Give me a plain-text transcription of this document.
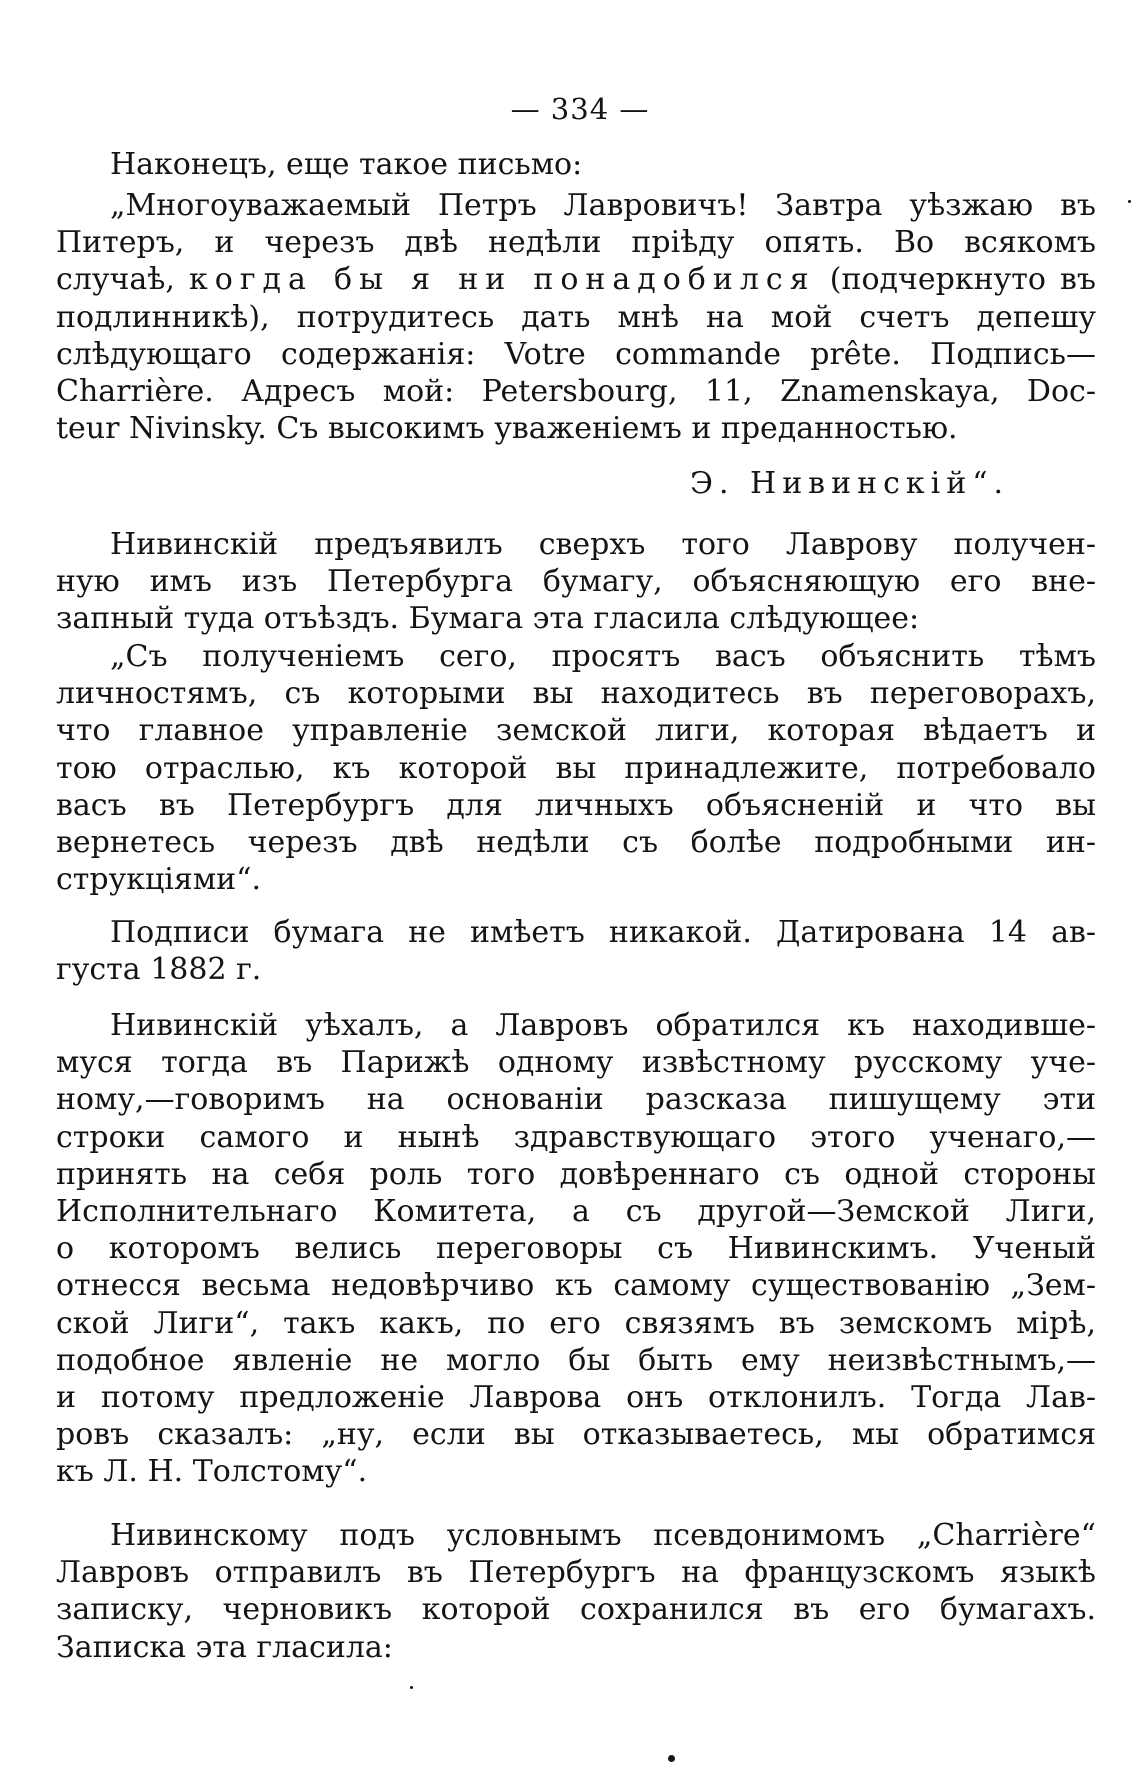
— 334 —
Наконецъ, еще такое письмо:
„Многоуважаемый Петръ Лавровичъ! Завтра уѣзжаю въ
Питеръ, и черезъ двѣ недѣли прiѣду опять. Во всякомъ
случаѣ, когда бы я ни понадобился (подчеркнуто въ
подлинникѣ), потрудитесь дать мнѣ на мой счетъ депешу
слѣдующаго содержанiя: Votre commande prête. Подпись—
Charrière. Адресъ мой: Petersbourg, 11, Znamenskaya, Doc-
teur Nivinsky. Съ высокимъ уваженiемъ и преданностью.
Э. Нивинскiй“.
Нивинскiй предъявилъ сверхъ того Лаврову получен-
ную имъ изъ Петербурга бумагу, объясняющую его вне-
запный туда отъѣздъ. Бумага эта гласила слѣдующее:
„Съ полученiемъ сего, просятъ васъ объяснить тѣмъ
личностямъ, съ которыми вы находитесь въ переговорахъ,
что главное управленiе земской лиги, которая вѣдаетъ и
тою отраслью, къ которой вы принадлежите, потребовало
васъ въ Петербургъ для личныхъ объясненiй и что вы
вернетесь черезъ двѣ недѣли съ болѣе подробными ин-
струкцiями“.
Подписи бумага не имѣетъ никакой. Датирована 14 ав-
густа 1882 г.
Нивинскiй уѣхалъ, а Лавровъ обратился къ находивше-
муся тогда въ Парижѣ одному извѣстному русскому уче-
ному,—говоримъ на основанiи разсказа пишущему эти
строки самого и нынѣ здравствующаго этого ученаго,—
принять на себя роль того довѣреннаго съ одной стороны
Исполнительнаго Комитета, а съ другой—Земской Лиги,
о которомъ велись переговоры съ Нивинскимъ. Ученый
отнесся весьма недовѣрчиво къ самому существованiю „Зем-
ской Лиги“, такъ какъ, по его связямъ въ земскомъ мiрѣ,
подобное явленiе не могло бы быть ему неизвѣстнымъ,—
и потому предложенiе Лаврова онъ отклонилъ. Тогда Лав-
ровъ сказалъ: „ну, если вы отказываетесь, мы обратимся
къ Л. Н. Толстому“.
Нивинскому подъ условнымъ псевдонимомъ „Charrière“
Лавровъ отправилъ въ Петербургъ на французскомъ языкѣ
записку, черновикъ которой сохранился въ его бумагахъ.
Записка эта гласила:
